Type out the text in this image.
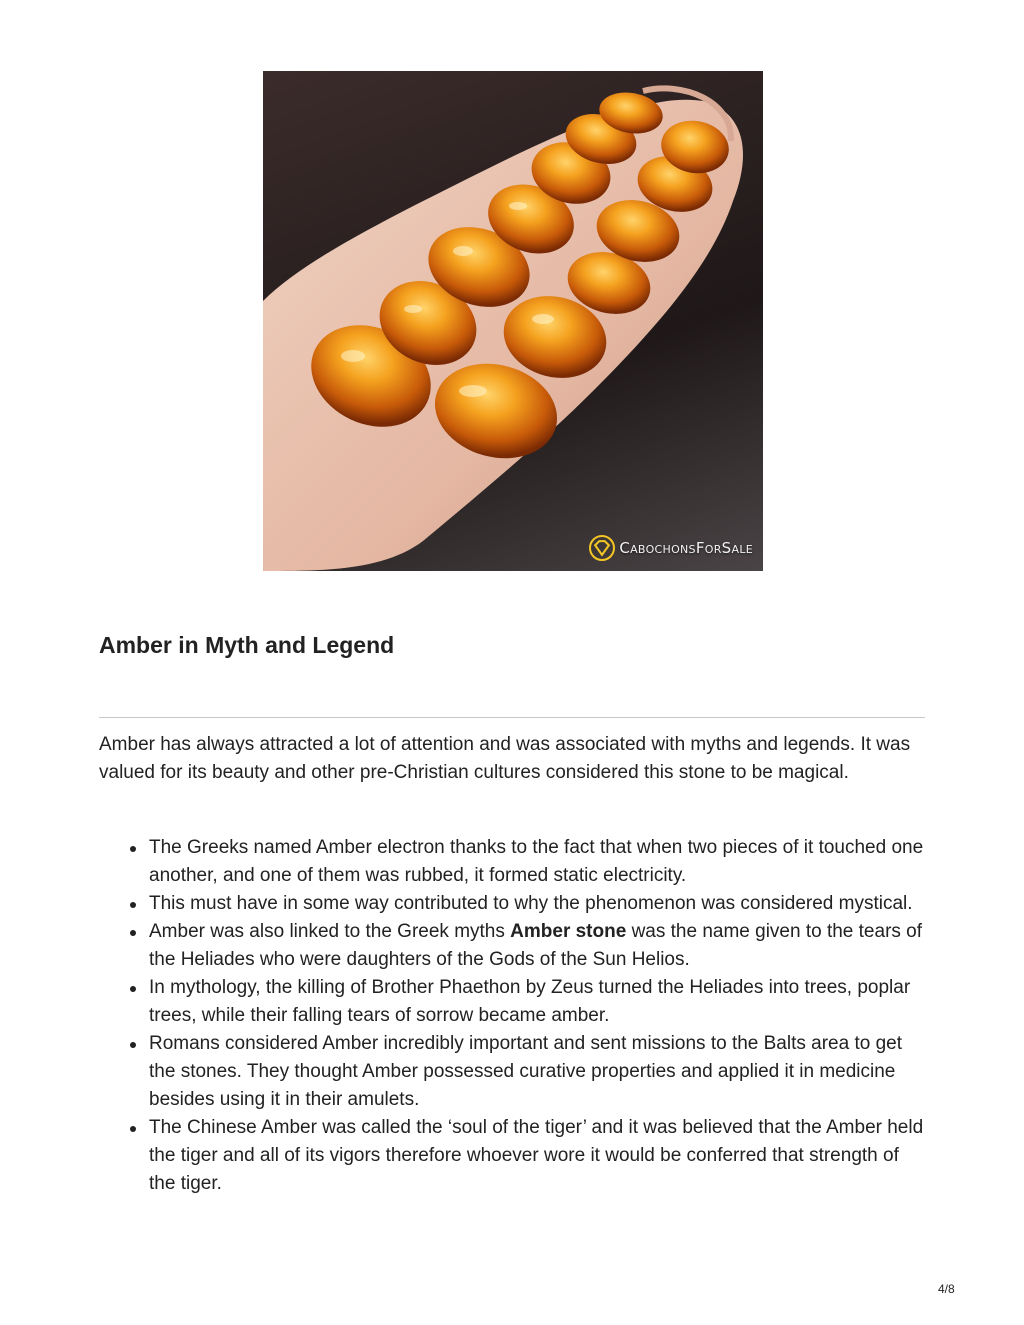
CabochonsForSale
Amber in Myth and Legend

Amber has always attracted a lot of attention and was associated with myths and legends. It was valued for its beauty and other pre-Christian cultures considered this stone to be magical.

The Greeks named Amber electron thanks to the fact that when two pieces of it touched one another, and one of them was rubbed, it formed static electricity.
This must have in some way contributed to why the phenomenon was considered mystical.
Amber was also linked to the Greek myths Amber stone was the name given to the tears of the Heliades who were daughters of the Gods of the Sun Helios.
In mythology, the killing of Brother Phaethon by Zeus turned the Heliades into trees, poplar trees, while their falling tears of sorrow became amber.
Romans considered Amber incredibly important and sent missions to the Balts area to get the stones. They thought Amber possessed curative properties and applied it in medicine besides using it in their amulets.
The Chinese Amber was called the ‘soul of the tiger’ and it was believed that the Amber held the tiger and all of its vigors therefore whoever wore it would be conferred that strength of the tiger.
4/8
